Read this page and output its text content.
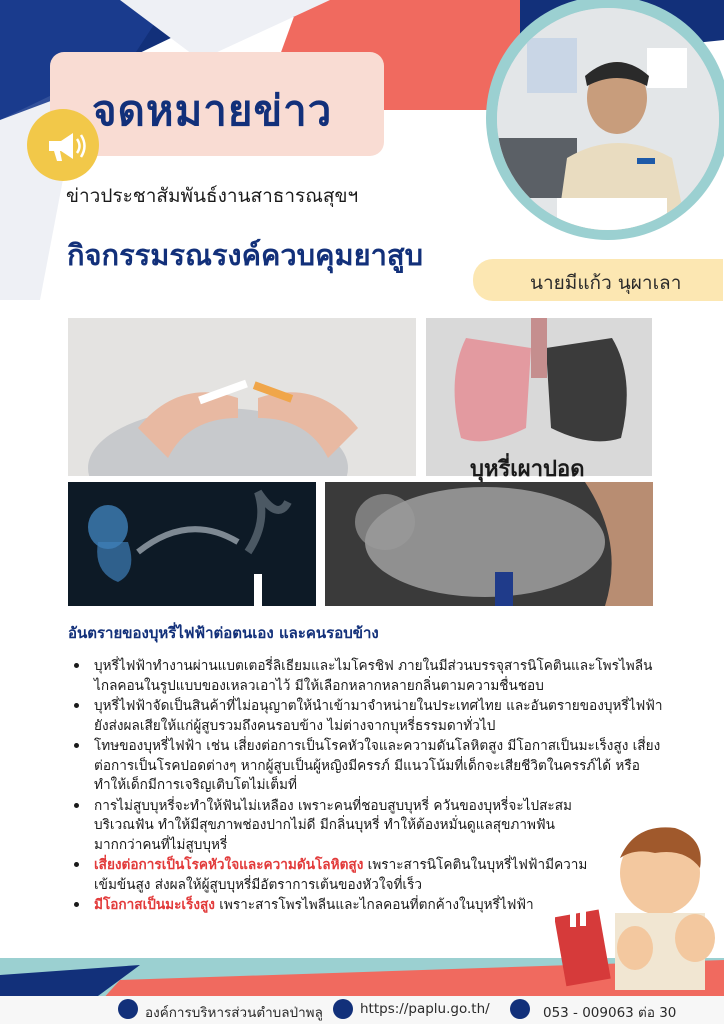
จดหมายข่าว
ข่าวประชาสัมพันธ์งานสาธารณสุขฯ
กิจกรรมรณรงค์ควบคุมยาสูบ
นายมีแก้ว นุผาเลา
บุหรี่เผาปอด
อันตรายของบุหรี่ไฟฟ้าต่อตนเอง และคนรอบข้าง
• บุหรี่ไฟฟ้าทำงานผ่านแบตเตอรี่ลิเธียมและไมโครชิฟ ภายในมีส่วนบรรจุสารนิโคตินและโพรไพลีนไกลคอนในรูปแบบของเหลวเอาไว้ มีให้เลือกหลากหลายกลิ่นตามความชื่นชอบ
• บุหรี่ไฟฟ้าจัดเป็นสินค้าที่ไม่อนุญาตให้นำเข้ามาจำหน่ายในประเทศไทย และอันตรายของบุหรี่ไฟฟ้ายังส่งผลเสียให้แก่ผู้สูบรวมถึงคนรอบข้าง ไม่ต่างจากบุหรี่ธรรมดาทั่วไป
• โทษของบุหรี่ไฟฟ้า เช่น เสี่ยงต่อการเป็นโรคหัวใจและความดันโลหิตสูง มีโอกาสเป็นมะเร็งสูง เสี่ยงต่อการเป็นโรคปอดต่างๆ หากผู้สูบเป็นผู้หญิงมีครรภ์ มีแนวโน้มที่เด็กจะเสียชีวิตในครรภ์ได้ หรือทำให้เด็กมีการเจริญเติบโตไม่เต็มที่
• การไม่สูบบุหรี่จะทำให้ฟันไม่เหลือง เพราะคนที่ชอบสูบบุหรี่ ควันของบุหรี่จะไปสะสมบริเวณฟัน ทำให้มีสุขภาพช่องปากไม่ดี มีกลิ่นบุหรี่ ทำให้ต้องหมั่นดูแลสุขภาพฟันมากกว่าคนที่ไม่สูบบุหรี่
• เสี่ยงต่อการเป็นโรคหัวใจและความดันโลหิตสูง เพราะสารนิโคตินในบุหรี่ไฟฟ้ามีความเข้มข้นสูง ส่งผลให้ผู้สูบบุหรี่มีอัตราการเต้นของหัวใจที่เร็ว
• มีโอกาสเป็นมะเร็งสูง เพราะสารโพรไพลีนและไกลคอนที่ตกค้างในบุหรี่ไฟฟ้า
องค์การบริหารส่วนตำบลป่าพลู	https://paplu.go.th/	053 - 009063 ต่อ 30
